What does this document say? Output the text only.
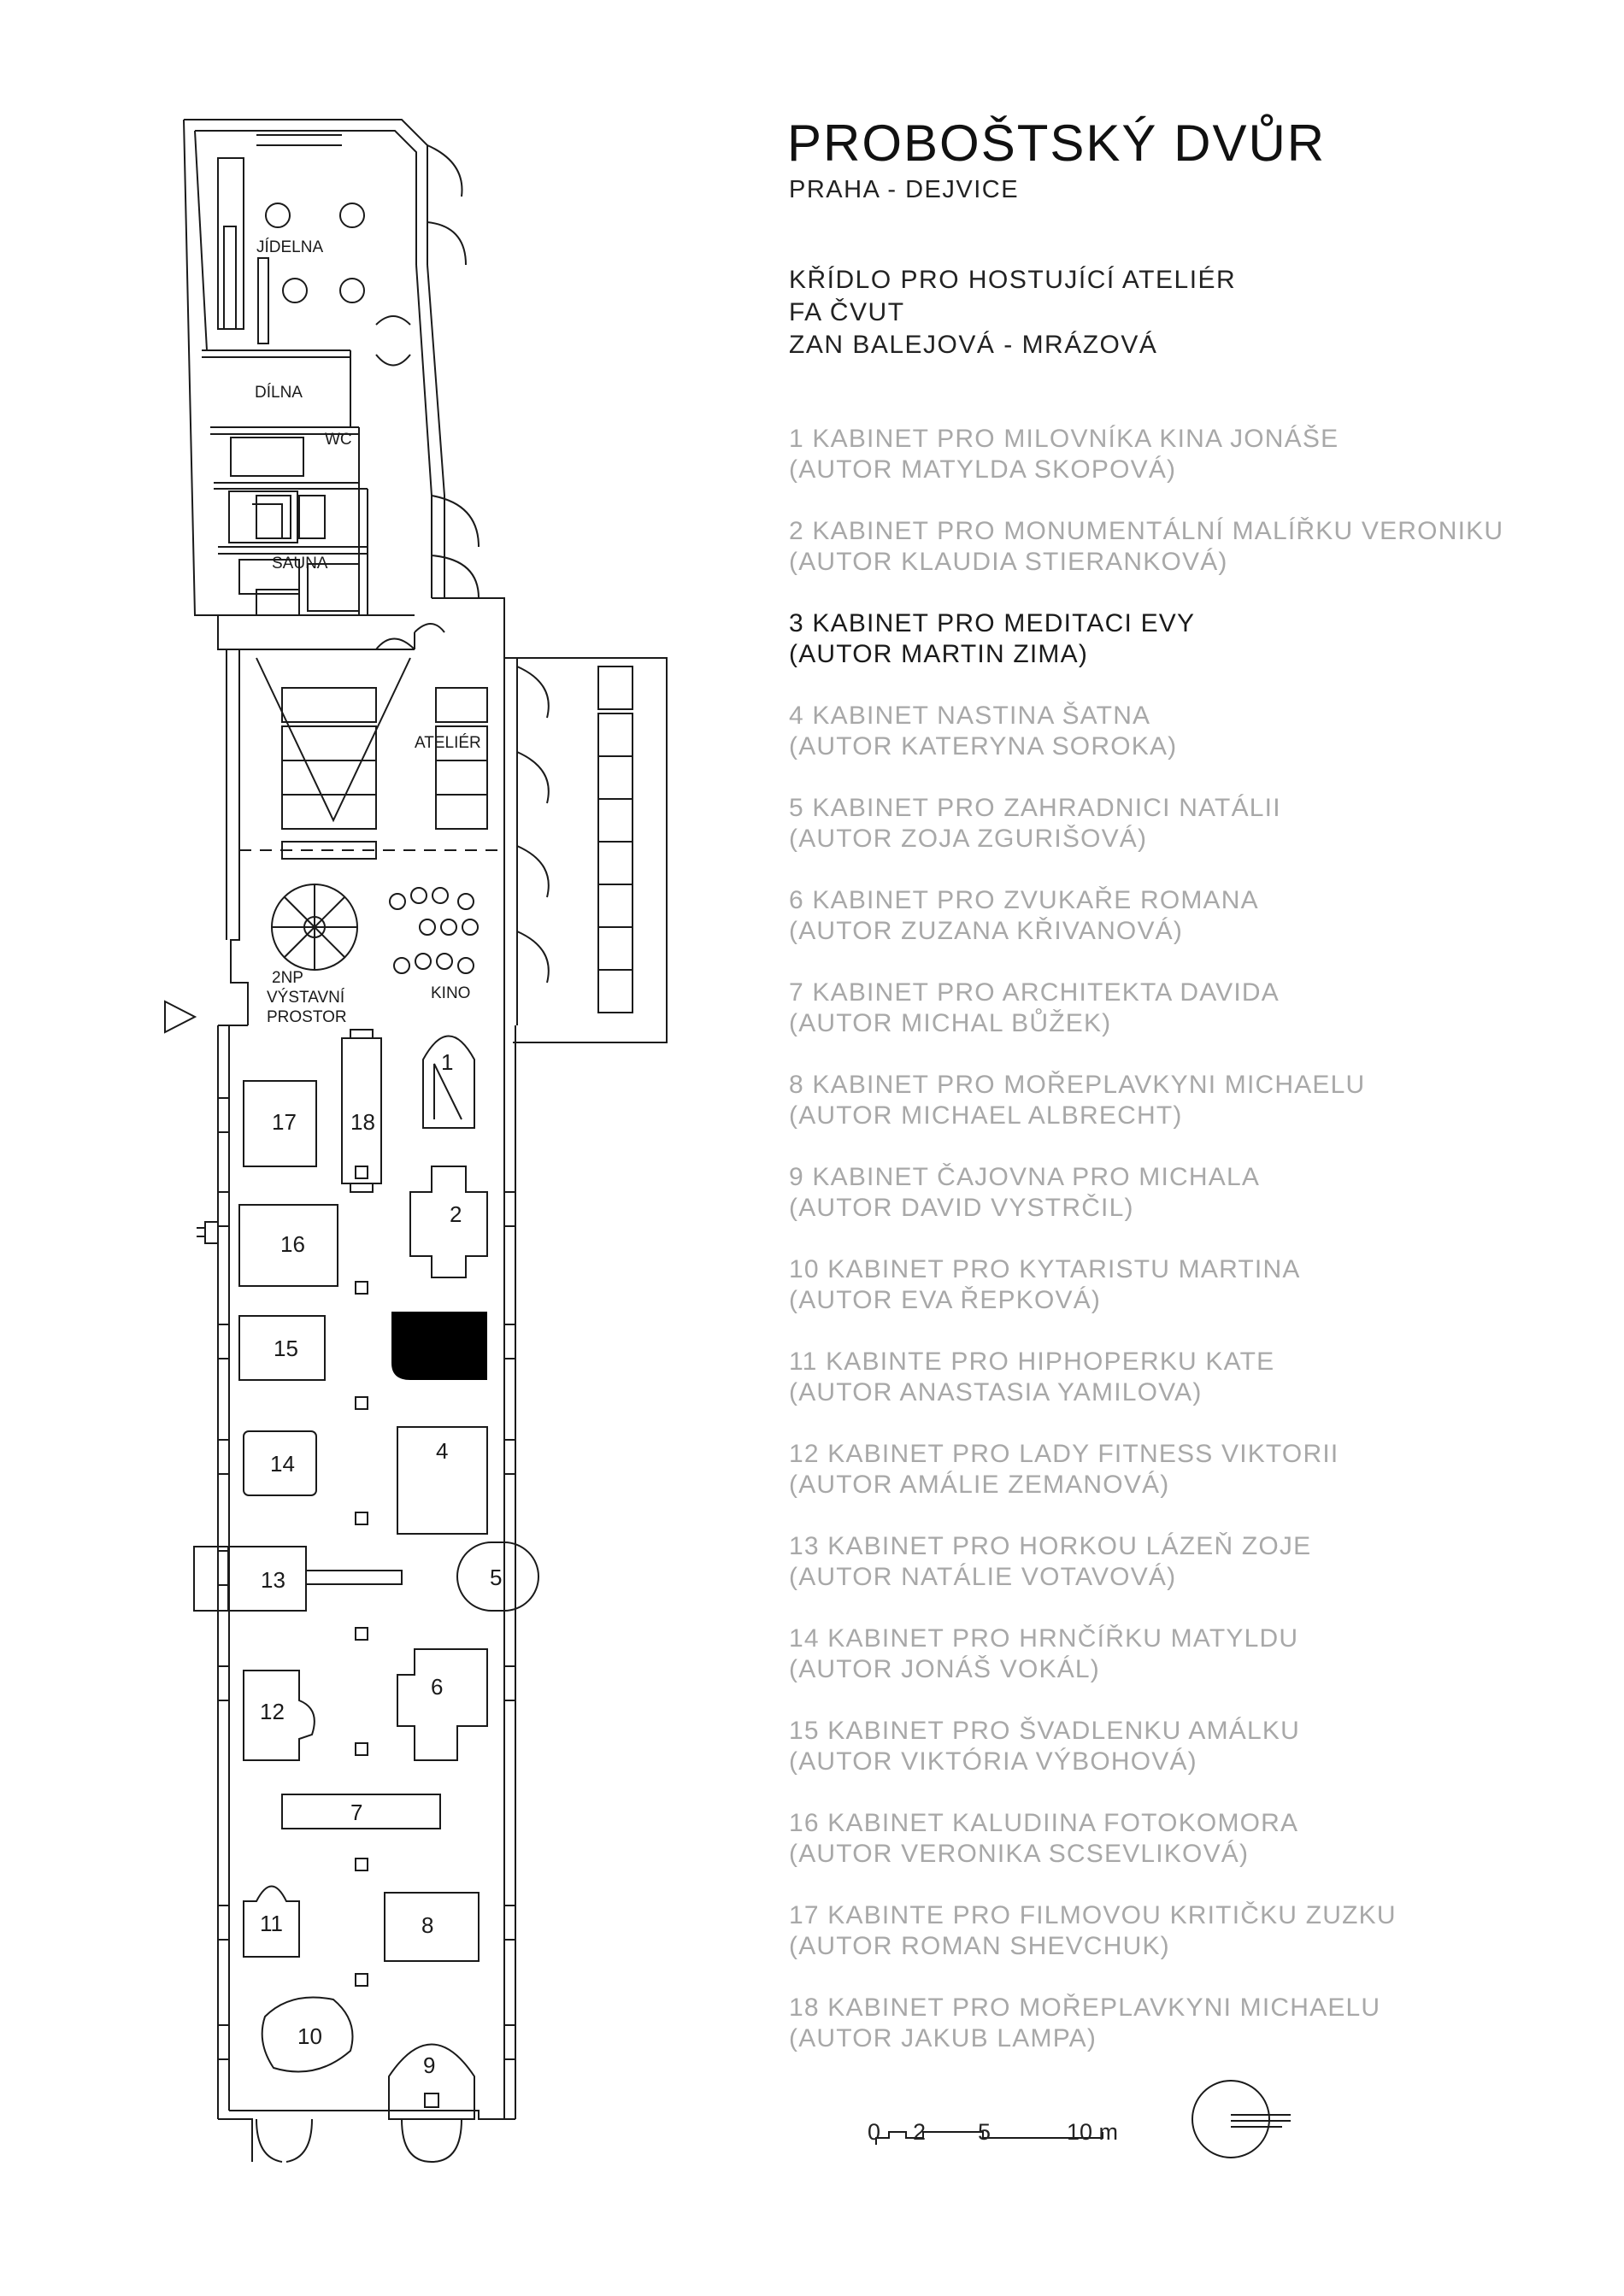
JÍDELNA
DÍLNA
WC
SAUNA
ATELIÉR
KINO
2NP
VÝSTAVNÍ
PROSTOR
1
2
4
5
6
7
8
9
10
11
12
13
14
15
16
17 18
PROBOŠTSKÝ DVŮR
PRAHA - DEJVICE
KŘÍDLO PRO HOSTUJÍCÍ ATELIÉR
FA ČVUT
ZAN BALEJOVÁ - MRÁZOVÁ
1 KABINET PRO MILOVNÍKA KINA JONÁŠE
(AUTOR MATYLDA SKOPOVÁ)
2 KABINET PRO MONUMENTÁLNÍ MALÍŘKU VERONIKU
(AUTOR KLAUDIA STIERANKOVÁ)
3 KABINET PRO MEDITACI EVY
(AUTOR MARTIN ZIMA)
4 KABINET NASTINA ŠATNA
(AUTOR KATERYNA SOROKA)
5 KABINET PRO ZAHRADNICI NATÁLII
(AUTOR ZOJA ZGURIŠOVÁ)
6 KABINET PRO ZVUKAŘE ROMANA
(AUTOR ZUZANA KŘIVANOVÁ)
7 KABINET PRO ARCHITEKTA DAVIDA
(AUTOR MICHAL BŮŽEK)
8 KABINET PRO MOŘEPLAVKYNI MICHAELU
(AUTOR MICHAEL ALBRECHT)
9 KABINET ČAJOVNA PRO MICHALA
(AUTOR DAVID VYSTRČIL)
10 KABINET PRO KYTARISTU MARTINA
(AUTOR EVA ŘEPKOVÁ)
11 KABINTE PRO HIPHOPERKU KATE
(AUTOR ANASTASIA YAMILOVA)
12 KABINET PRO LADY FITNESS VIKTORII
(AUTOR AMÁLIE ZEMANOVÁ)
13 KABINET PRO HORKOU LÁZEŇ ZOJE
(AUTOR NATÁLIE VOTAVOVÁ)
14 KABINET PRO HRNČÍŘKU MATYLDU
(AUTOR JONÁŠ VOKÁL)
15 KABINET PRO ŠVADLENKU AMÁLKU
(AUTOR VIKTÓRIA VÝBOHOVÁ)
16 KABINET KALUDIINA FOTOKOMORA
(AUTOR VERONIKA SCSEVLIKOVÁ)
17 KABINTE PRO FILMOVOU KRITIČKU ZUZKU
(AUTOR ROMAN SHEVCHUK)
18 KABINET PRO MOŘEPLAVKYNI MICHAELU
(AUTOR JAKUB LAMPA)
0 2 5	10 m
